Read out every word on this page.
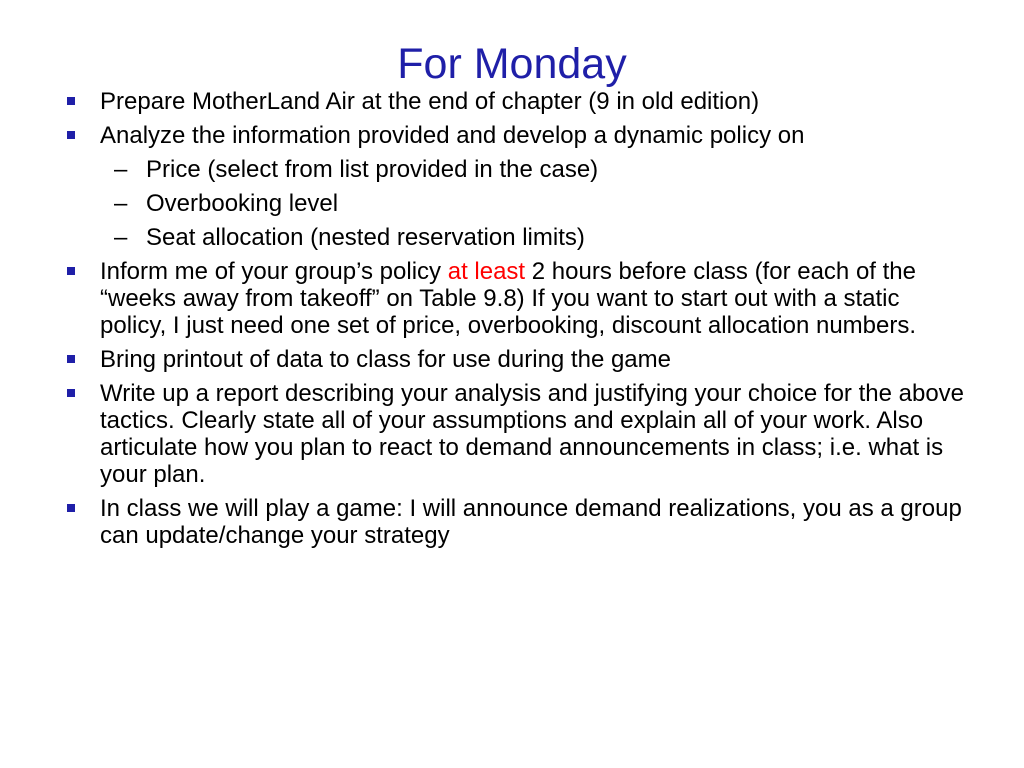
For Monday
Prepare MotherLand Air at the end of chapter (9 in old edition)
Analyze the information provided and develop a dynamic policy on
– Price (select from list provided in the case)
– Overbooking level
– Seat allocation (nested reservation limits)
Inform me of your group’s policy at least 2 hours before class (for each of the “weeks away from takeoff” on Table 9.8) If you want to start out with a static policy, I just need one set of price, overbooking, discount allocation numbers.
Bring printout of data to class for use during the game
Write up a report describing your analysis and justifying your choice for the above tactics. Clearly state all of your assumptions and explain all of your work. Also articulate how you plan to react to demand announcements in class; i.e. what is your plan.
In class we will play a game: I will announce demand realizations, you as a group can update/change your strategy
